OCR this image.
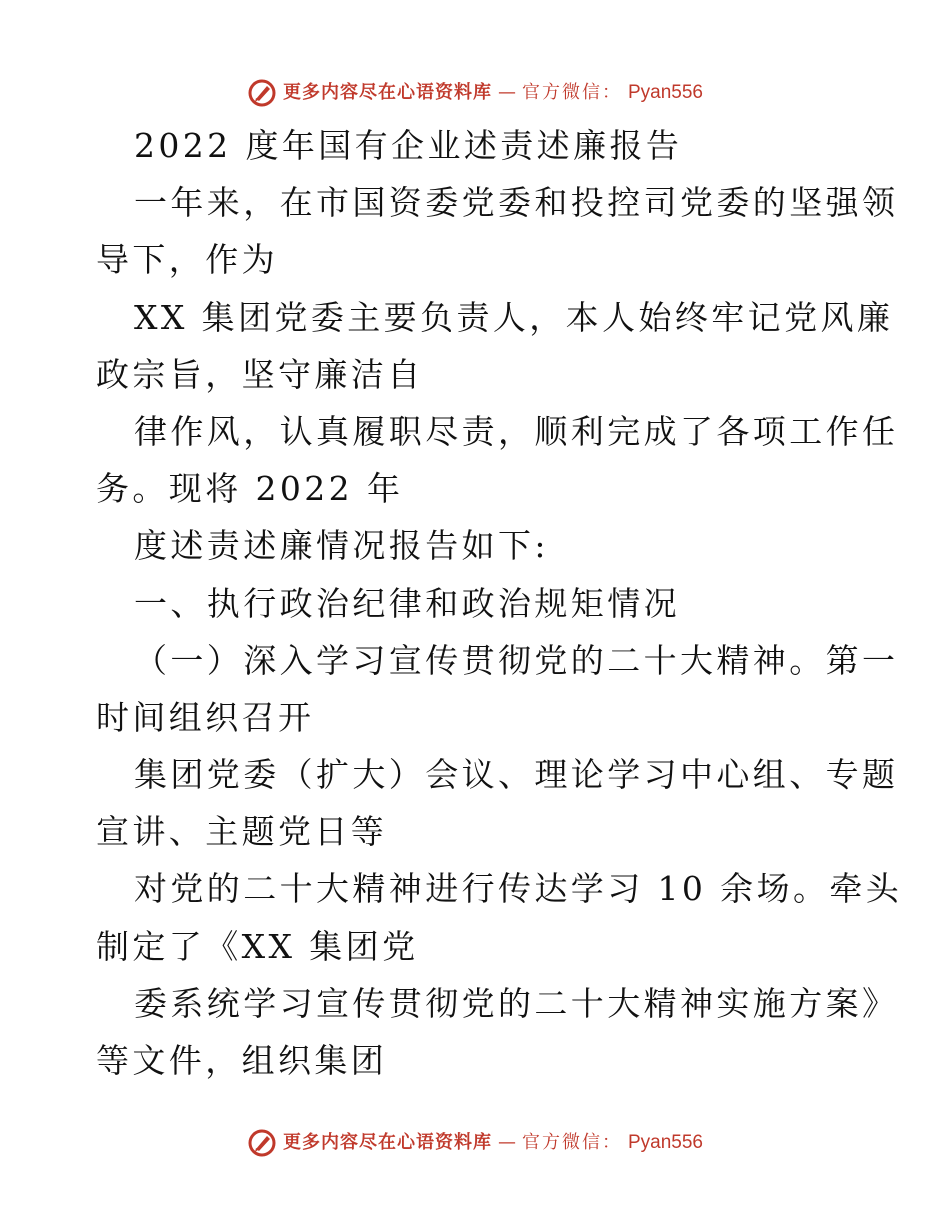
更多内容尽在心语资料库 — 官方微信： Pyan556
2022 度年国有企业述责述廉报告
一年来，在市国资委党委和投控司党委的坚强领
导下，作为
XX 集团党委主要负责人，本人始终牢记党风廉
政宗旨，坚守廉洁自
律作风，认真履职尽责，顺利完成了各项工作任
务。现将 2022 年
度述责述廉情况报告如下:
一、执行政治纪律和政治规矩情况
（一）深入学习宣传贯彻党的二十大精神。第一
时间组织召开
集团党委（扩大）会议、理论学习中心组、专题
宣讲、主题党日等
对党的二十大精神进行传达学习 10 余场。牵头
制定了《XX 集团党
委系统学习宣传贯彻党的二十大精神实施方案》
等文件，组织集团
更多内容尽在心语资料库 — 官方微信： Pyan556
